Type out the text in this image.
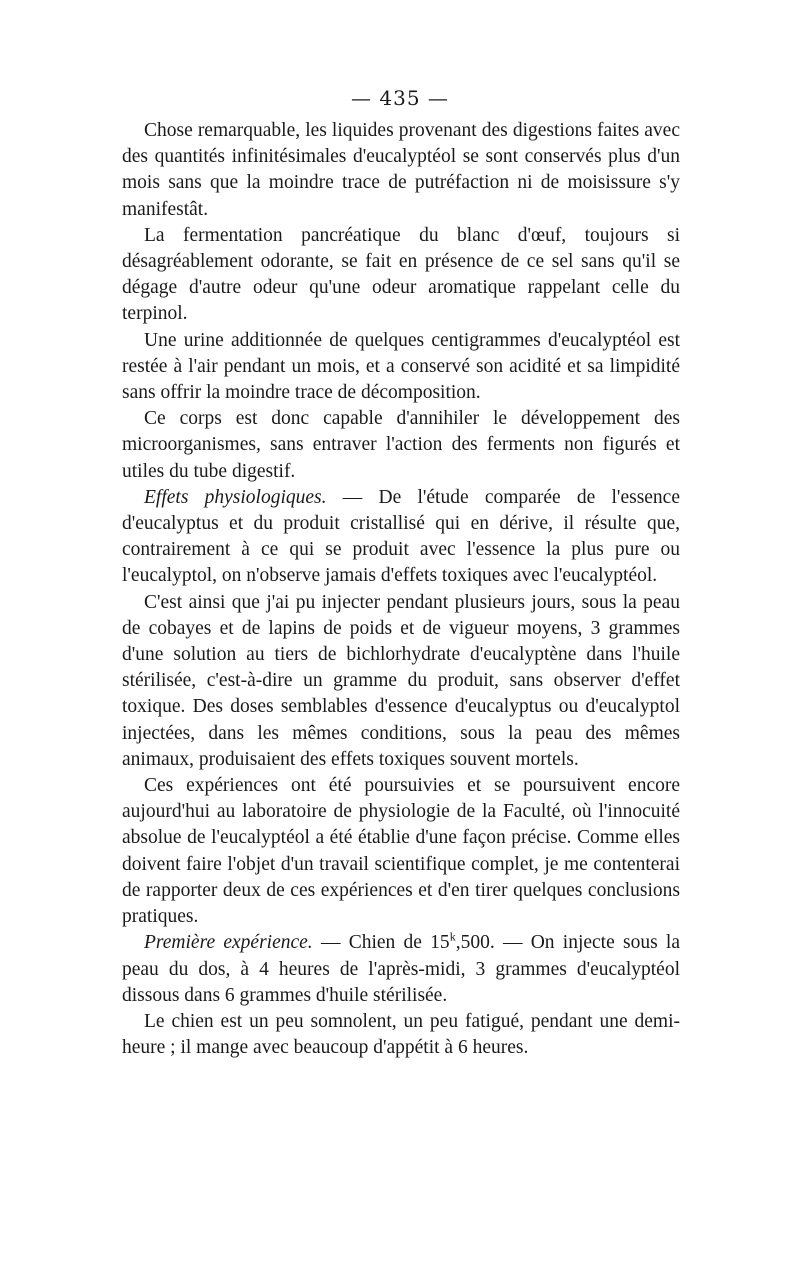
— 435 —

Chose remarquable, les liquides provenant des digestions faites avec des quantités infinitésimales d'eucalyptéol se sont conservés plus d'un mois sans que la moindre trace de putréfaction ni de moisissure s'y manifestât.

La fermentation pancréatique du blanc d'œuf, toujours si désagréablement odorante, se fait en présence de ce sel sans qu'il se dégage d'autre odeur qu'une odeur aromatique rappelant celle du terpinol.

Une urine additionnée de quelques centigrammes d'eucalyptéol est restée à l'air pendant un mois, et a conservé son acidité et sa limpidité sans offrir la moindre trace de décomposition.

Ce corps est donc capable d'annihiler le développement des microorganismes, sans entraver l'action des ferments non figurés et utiles du tube digestif.

Effets physiologiques. — De l'étude comparée de l'essence d'eucalyptus et du produit cristallisé qui en dérive, il résulte que, contrairement à ce qui se produit avec l'essence la plus pure ou l'eucalyptol, on n'observe jamais d'effets toxiques avec l'eucalyptéol.

C'est ainsi que j'ai pu injecter pendant plusieurs jours, sous la peau de cobayes et de lapins de poids et de vigueur moyens, 3 grammes d'une solution au tiers de bichlorhydrate d'eucalyptène dans l'huile stérilisée, c'est-à-dire un gramme du produit, sans observer d'effet toxique. Des doses semblables d'essence d'eucalyptus ou d'eucalyptol injectées, dans les mêmes conditions, sous la peau des mêmes animaux, produisaient des effets toxiques souvent mortels.

Ces expériences ont été poursuivies et se poursuivent encore aujourd'hui au laboratoire de physiologie de la Faculté, où l'innocuité absolue de l'eucalyptéol a été établie d'une façon précise. Comme elles doivent faire l'objet d'un travail scientifique complet, je me contenterai de rapporter deux de ces expériences et d'en tirer quelques conclusions pratiques.

Première expérience. — Chien de 15$^k$,500. — On injecte sous la peau du dos, à 4 heures de l'après-midi, 3 grammes d'eucalyptéol dissous dans 6 grammes d'huile stérilisée.

Le chien est un peu somnolent, un peu fatigué, pendant une demi-heure ; il mange avec beaucoup d'appétit à 6 heures.
